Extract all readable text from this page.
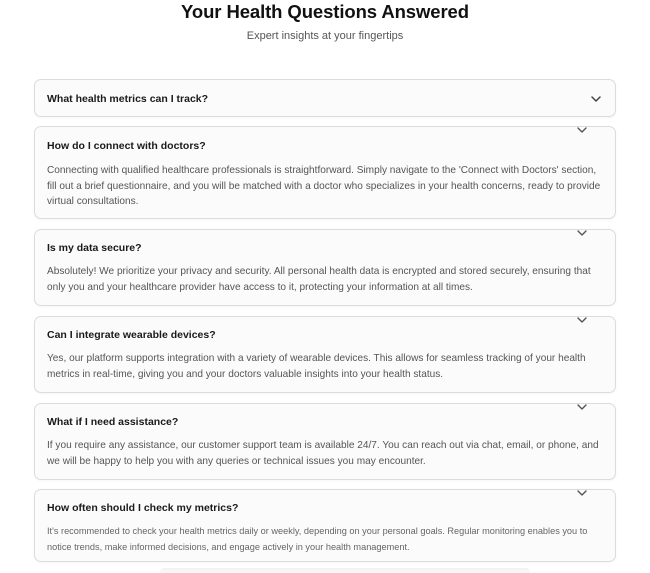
Your Health Questions Answered

Expert insights at your fingertips

What health metrics can I track?
How do I connect with doctors?
Connecting with qualified healthcare professionals is straightforward. Simply navigate to the 'Connect with Doctors' section, fill out a brief questionnaire, and you will be matched with a doctor who specializes in your health concerns, ready to provide virtual consultations.
Is my data secure?
Absolutely! We prioritize your privacy and security. All personal health data is encrypted and stored securely, ensuring that only you and your healthcare provider have access to it, protecting your information at all times.
Can I integrate wearable devices?
Yes, our platform supports integration with a variety of wearable devices. This allows for seamless tracking of your health metrics in real-time, giving you and your doctors valuable insights into your health status.
What if I need assistance?
If you require any assistance, our customer support team is available 24/7. You can reach out via chat, email, or phone, and we will be happy to help you with any queries or technical issues you may encounter.
How often should I check my metrics?
It's recommended to check your health metrics daily or weekly, depending on your personal goals. Regular monitoring enables you to notice trends, make informed decisions, and engage actively in your health management.
